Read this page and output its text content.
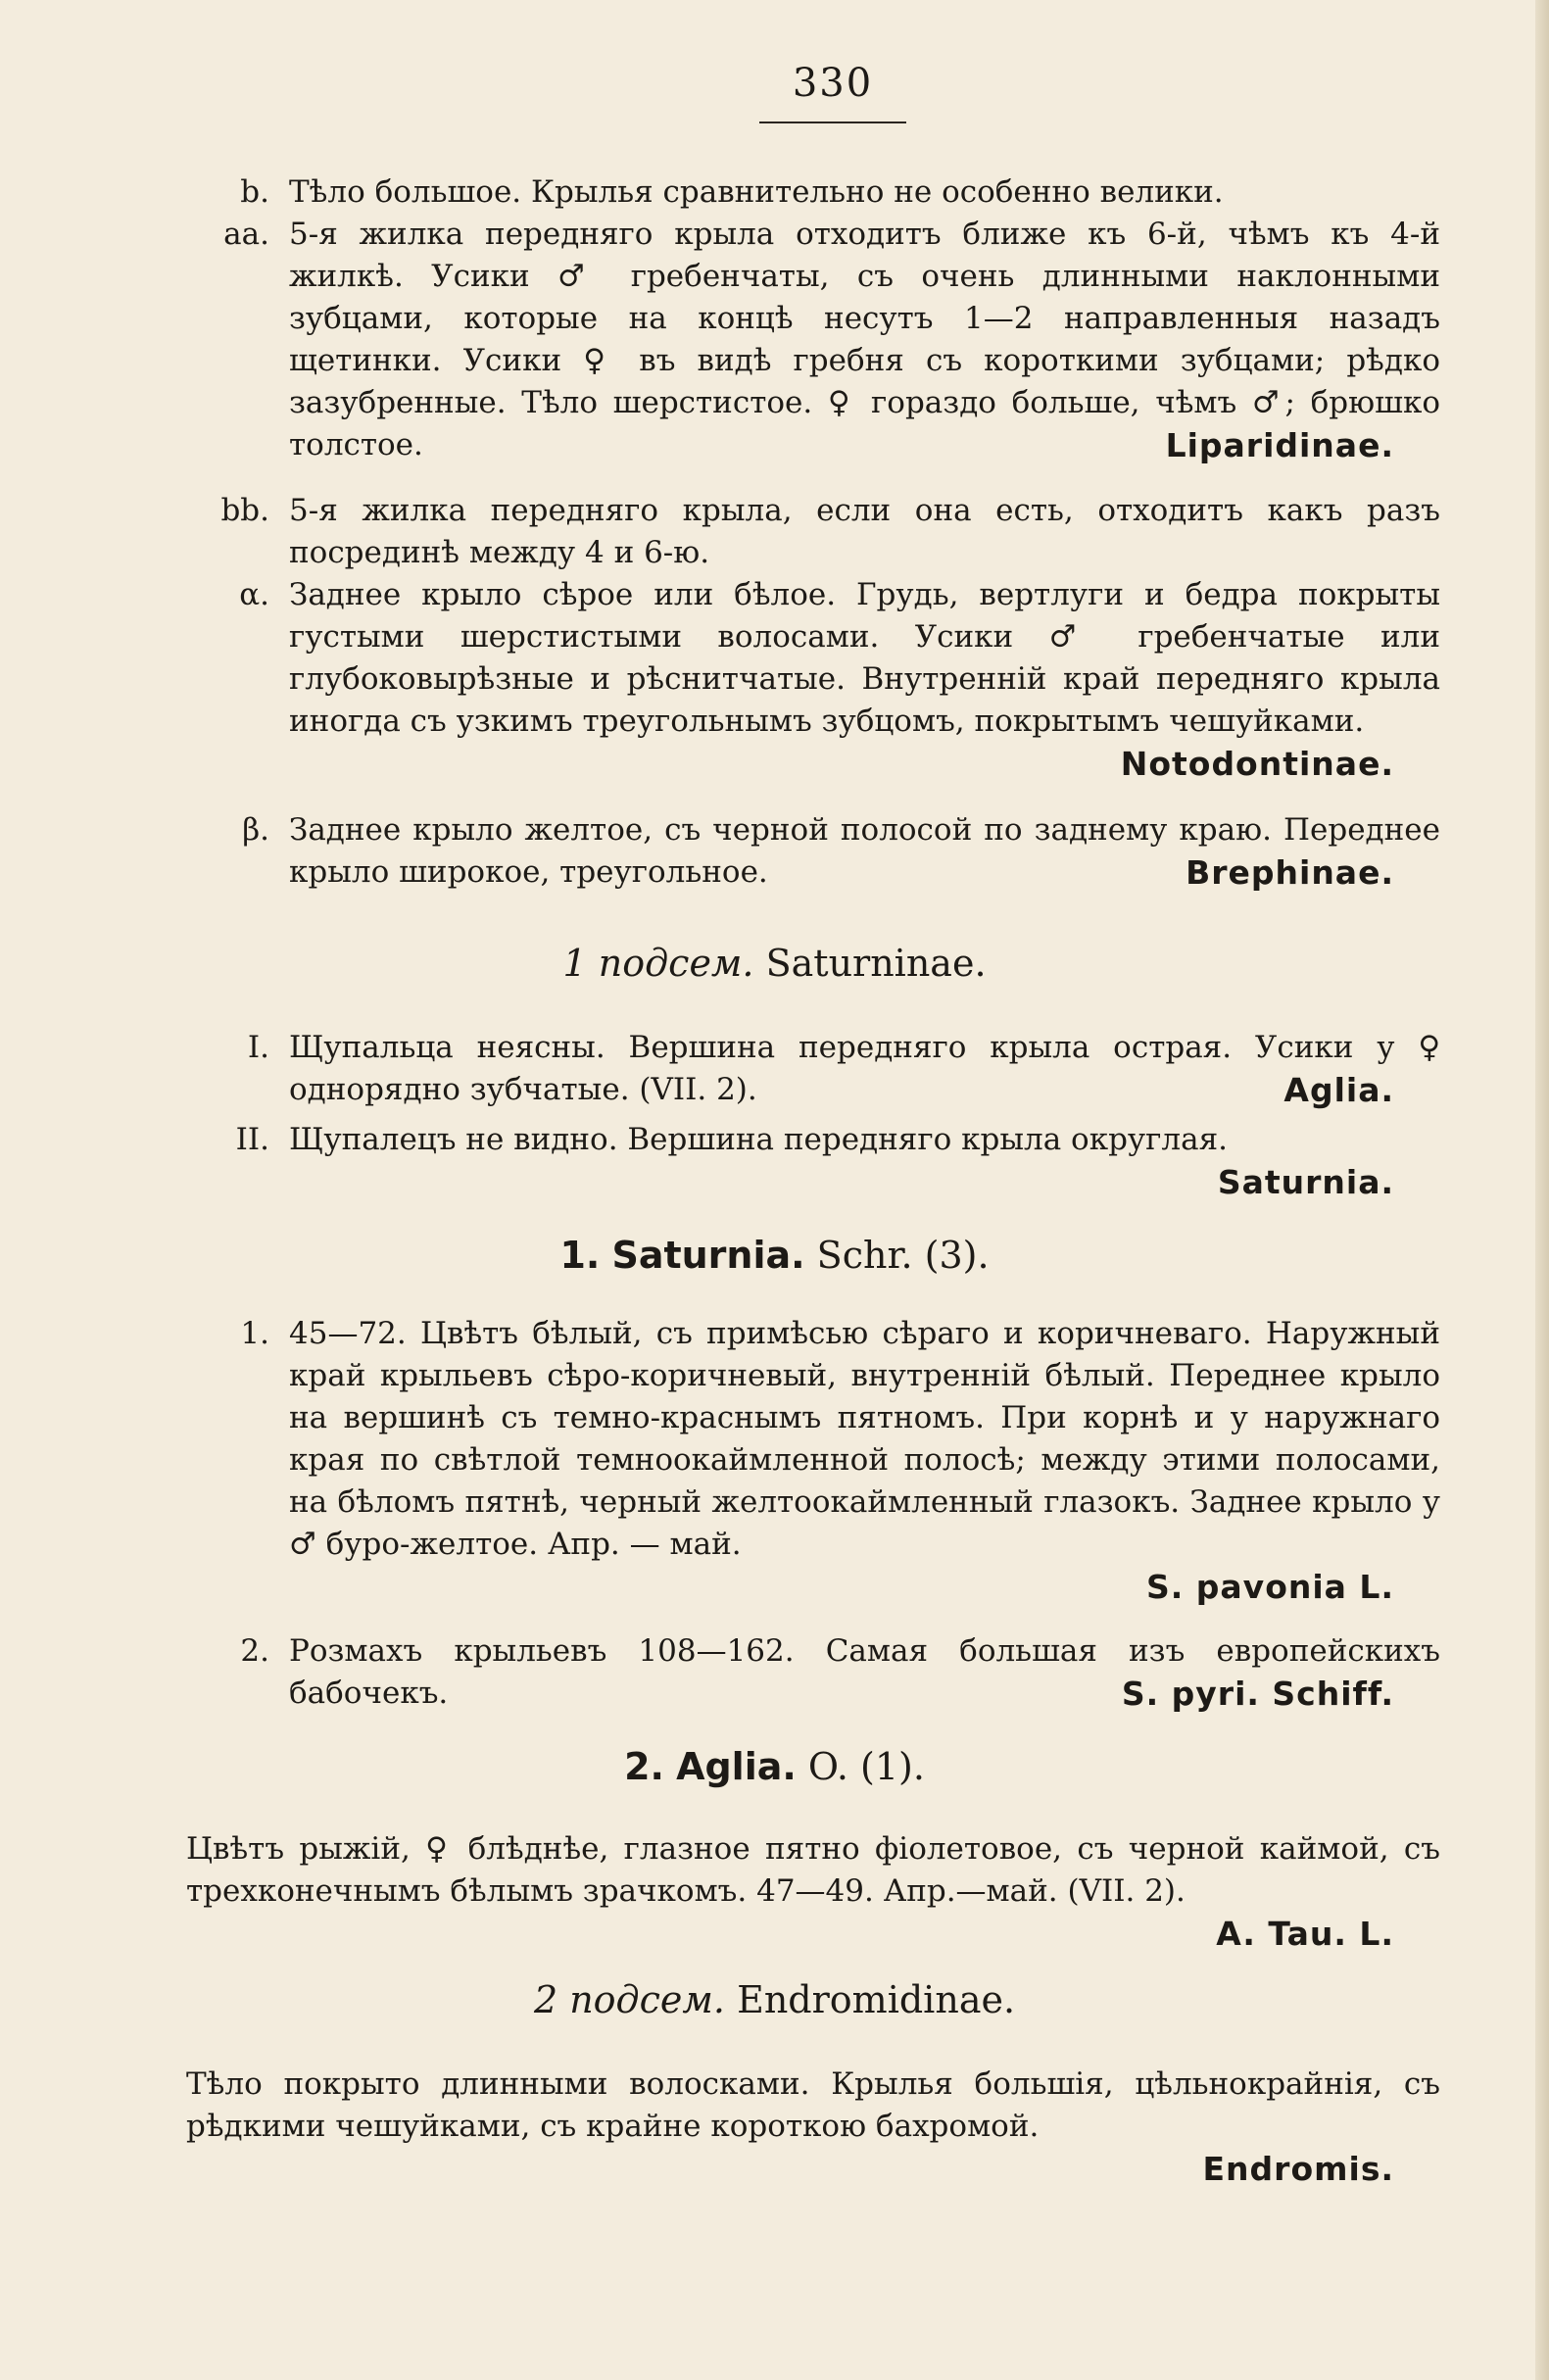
330
b. Тѣло большое. Крылья сравнительно не особенно велики.
aa. 5-я жилка передняго крыла отходитъ ближе къ 6-й, чѣмъ къ 4-й жилкѣ. Усики ♂ гребенчаты, съ очень длинными наклонными зубцами, которые на концѣ несутъ 1—2 направленныя назадъ щетинки. Усики ♀ въ видѣ гребня съ короткими зубцами; рѣдко зазубренные. Тѣло шерстистое. ♀ гораздо больше, чѣмъ ♂; брюшко толстое.	Liparidinae.
bb. 5-я жилка передняго крыла, если она есть, отходитъ какъ разъ посрединѣ между 4 и 6-ю.
α. Заднее крыло сѣрое или бѣлое. Грудь, вертлуги и бедра покрыты густыми шерстистыми волосами. Усики ♂ гребенчатые или глубоковырѣзные и рѣснитчатые. Внутренній край передняго крыла иногда съ узкимъ треугольнымъ зубцомъ, покрытымъ чешуйками.
Notodontinae.
β. Заднее крыло желтое, съ черной полосой по заднему краю. Переднее крыло широкое, треугольное.	Brephinae.
1 подсем. Saturninae.
I. Щупальца неясны. Вершина передняго крыла острая. Усики у ♀ однорядно зубчатые. (VII. 2).	Aglia.
II. Щупалецъ не видно. Вершина передняго крыла округлая.
Saturnia.
1. Saturnia. Schr. (3).
1. 45—72. Цвѣтъ бѣлый, съ примѣсью сѣраго и коричневаго. Наружный край крыльевъ сѣро-коричневый, внутренній бѣлый. Переднее крыло на вершинѣ съ темно-краснымъ пятномъ. При корнѣ и у наружнаго края по свѣтлой темноокаймленной полосѣ; между этими полосами, на бѣломъ пятнѣ, черный желтоокаймленный глазокъ. Заднее крыло у ♂ буро-желтое. Апр. — май.
S. pavonia L.
2. Розмахъ крыльевъ 108—162. Самая большая изъ европейскихъ бабочекъ.	S. pyri. Schiff.
2. Aglia. O. (1).
Цвѣтъ рыжій, ♀ блѣднѣе, глазное пятно фіолетовое, съ черной каймой, съ трехконечнымъ бѣлымъ зрачкомъ. 47—49. Апр.—май. (VII. 2).
A. Tau. L.
2 подсем. Endromidinae.
Тѣло покрыто длинными волосками. Крылья большія, цѣльнокрайнія, съ рѣдкими чешуйками, съ крайне короткою бахромой.
Endromis.
